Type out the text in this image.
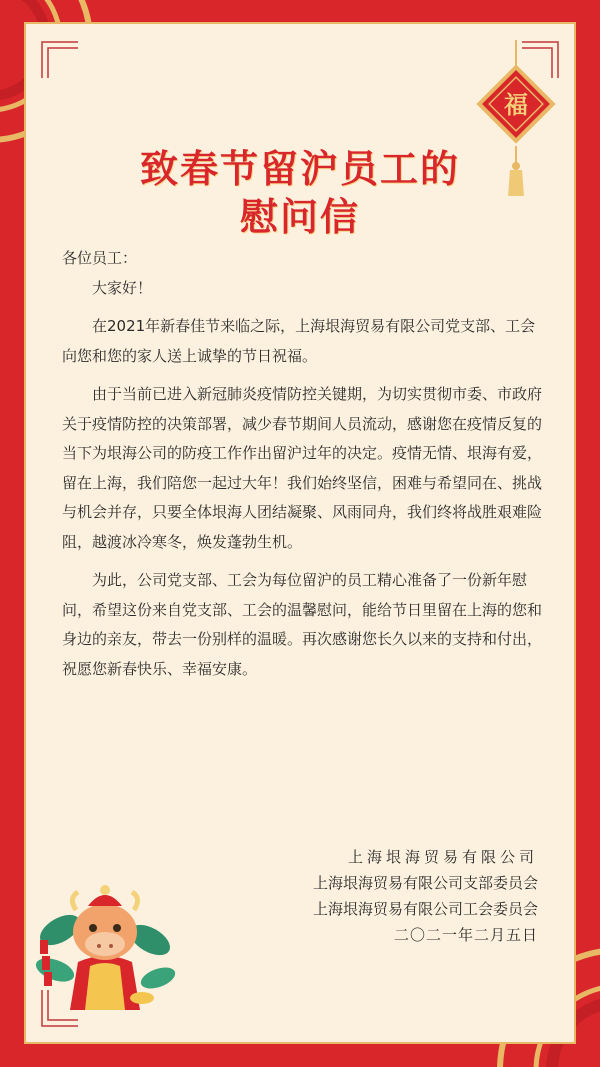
福
致春节留沪员工的
慰问信

各位员工：

大家好！

在2021年新春佳节来临之际，上海垠海贸易有限公司党支部、工会向您和您的家人送上诚挚的节日祝福。

由于当前已进入新冠肺炎疫情防控关键期，为切实贯彻市委、市政府关于疫情防控的决策部署，减少春节期间人员流动，感谢您在疫情反复的当下为垠海公司的防疫工作作出留沪过年的决定。疫情无情、垠海有爱，留在上海，我们陪您一起过大年！我们始终坚信，困难与希望同在、挑战与机会并存，只要全体垠海人团结凝聚、风雨同舟，我们终将战胜艰难险阻，越渡冰冷寒冬，焕发蓬勃生机。

为此，公司党支部、工会为每位留沪的员工精心准备了一份新年慰问，希望这份来自党支部、工会的温馨慰问，能给节日里留在上海的您和身边的亲友，带去一份别样的温暖。再次感谢您长久以来的支持和付出，祝愿您新春快乐、幸福安康。

上海垠海贸易有限公司
上海垠海贸易有限公司支部委员会
上海垠海贸易有限公司工会委员会
二〇二一年二月五日
